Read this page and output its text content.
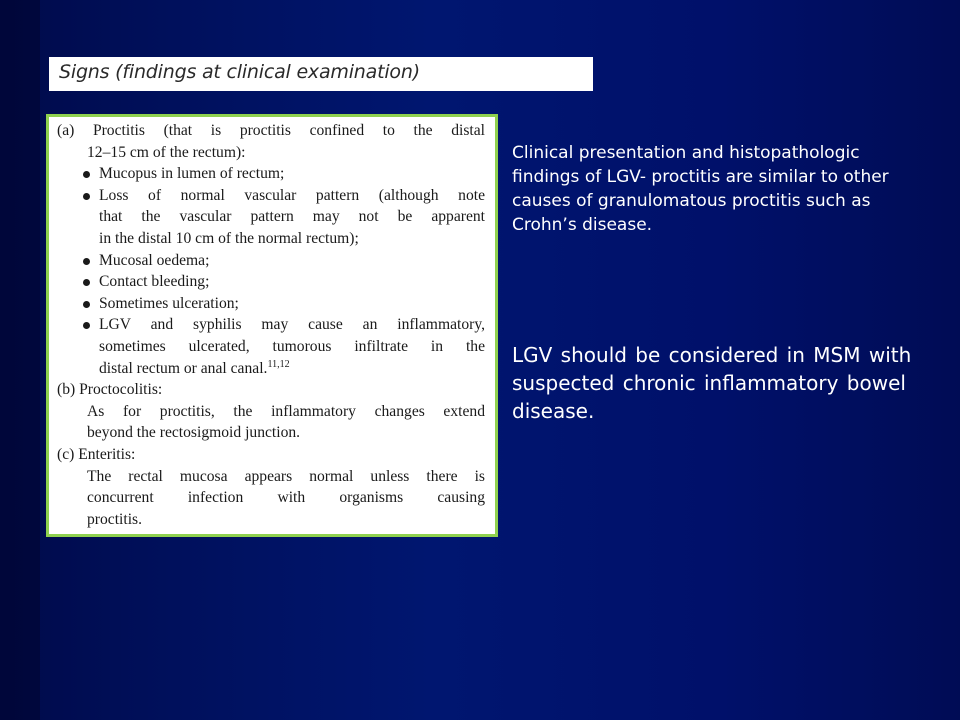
Signs (findings at clinical examination)
(a) Proctitis (that is proctitis confined to the distal
12–15 cm of the rectum):
Mucopus in lumen of rectum;
Loss of normal vascular pattern (although note
that the vascular pattern may not be apparent
in the distal 10 cm of the normal rectum);
Mucosal oedema;
Contact bleeding;
Sometimes ulceration;
LGV and syphilis may cause an inflammatory,
sometimes ulcerated, tumorous infiltrate in the
distal rectum or anal canal.$^{11,12}$
(b) Proctocolitis:
As for proctitis, the inflammatory changes extend
beyond the rectosigmoid junction.
(c) Enteritis:
The rectal mucosa appears normal unless there is
concurrent infection with organisms causing
proctitis.
Clinical presentation and histopathologic findings of LGV- proctitis are similar to other causes of granulomatous proctitis such as Crohn’s disease.
LGV should be considered in MSM with suspected chronic inflammatory bowel disease.
